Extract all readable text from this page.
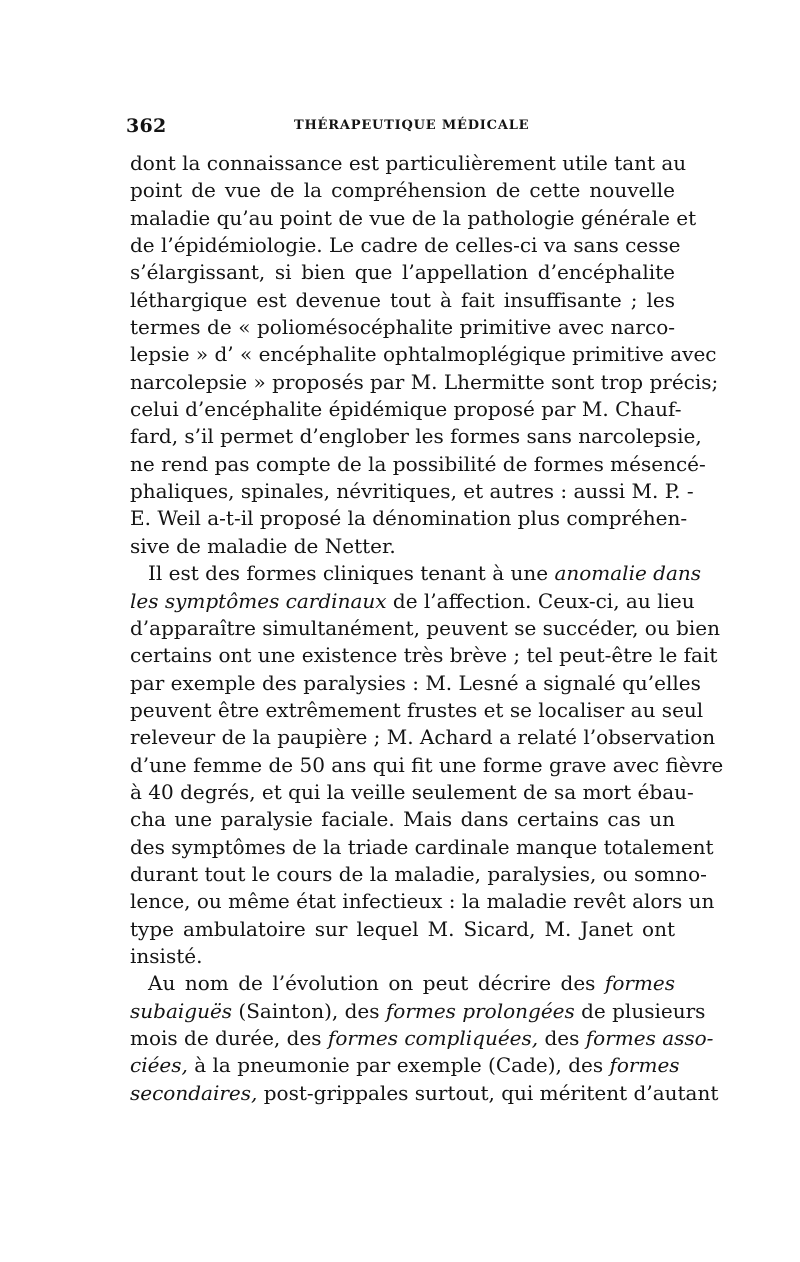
362	THÉRAPEUTIQUE MÉDICALE
dont la connaissance est particulièrement utile tant au
point de vue de la compréhension de cette nouvelle
maladie qu’au point de vue de la pathologie générale et
de l’épidémiologie. Le cadre de celles-ci va sans cesse
s’élargissant, si bien que l’appellation d’encéphalite
léthargique est devenue tout à fait insuffisante ; les
termes de « poliomésocéphalite primitive avec narco-
lepsie » d’ « encéphalite ophtalmoplégique primitive avec
narcolepsie » proposés par M. Lhermitte sont trop précis;
celui d’encéphalite épidémique proposé par M. Chauf-
fard, s’il permet d’englober les formes sans narcolepsie,
ne rend pas compte de la possibilité de formes mésencé-
phaliques, spinales, névritiques, et autres : aussi M. P. -
E. Weil a-t-il proposé la dénomination plus compréhen-
sive de maladie de Netter.
Il est des formes cliniques tenant à une anomalie dans
les symptômes cardinaux de l’affection. Ceux-ci, au lieu
d’apparaître simultanément, peuvent se succéder, ou bien
certains ont une existence très brève ; tel peut-être le fait
par exemple des paralysies : M. Lesné a signalé qu’elles
peuvent être extrêmement frustes et se localiser au seul
releveur de la paupière ; M. Achard a relaté l’observation
d’une femme de 50 ans qui fit une forme grave avec fièvre
à 40 degrés, et qui la veille seulement de sa mort ébau-
cha une paralysie faciale. Mais dans certains cas un
des symptômes de la triade cardinale manque totalement
durant tout le cours de la maladie, paralysies, ou somno-
lence, ou même état infectieux : la maladie revêt alors un
type ambulatoire sur lequel M. Sicard, M. Janet ont
insisté.
Au nom de l’évolution on peut décrire des formes
subaiguës (Sainton), des formes prolongées de plusieurs
mois de durée, des formes compliquées, des formes asso-
ciées, à la pneumonie par exemple (Cade), des formes
secondaires, post-grippales surtout, qui méritent d’autant
